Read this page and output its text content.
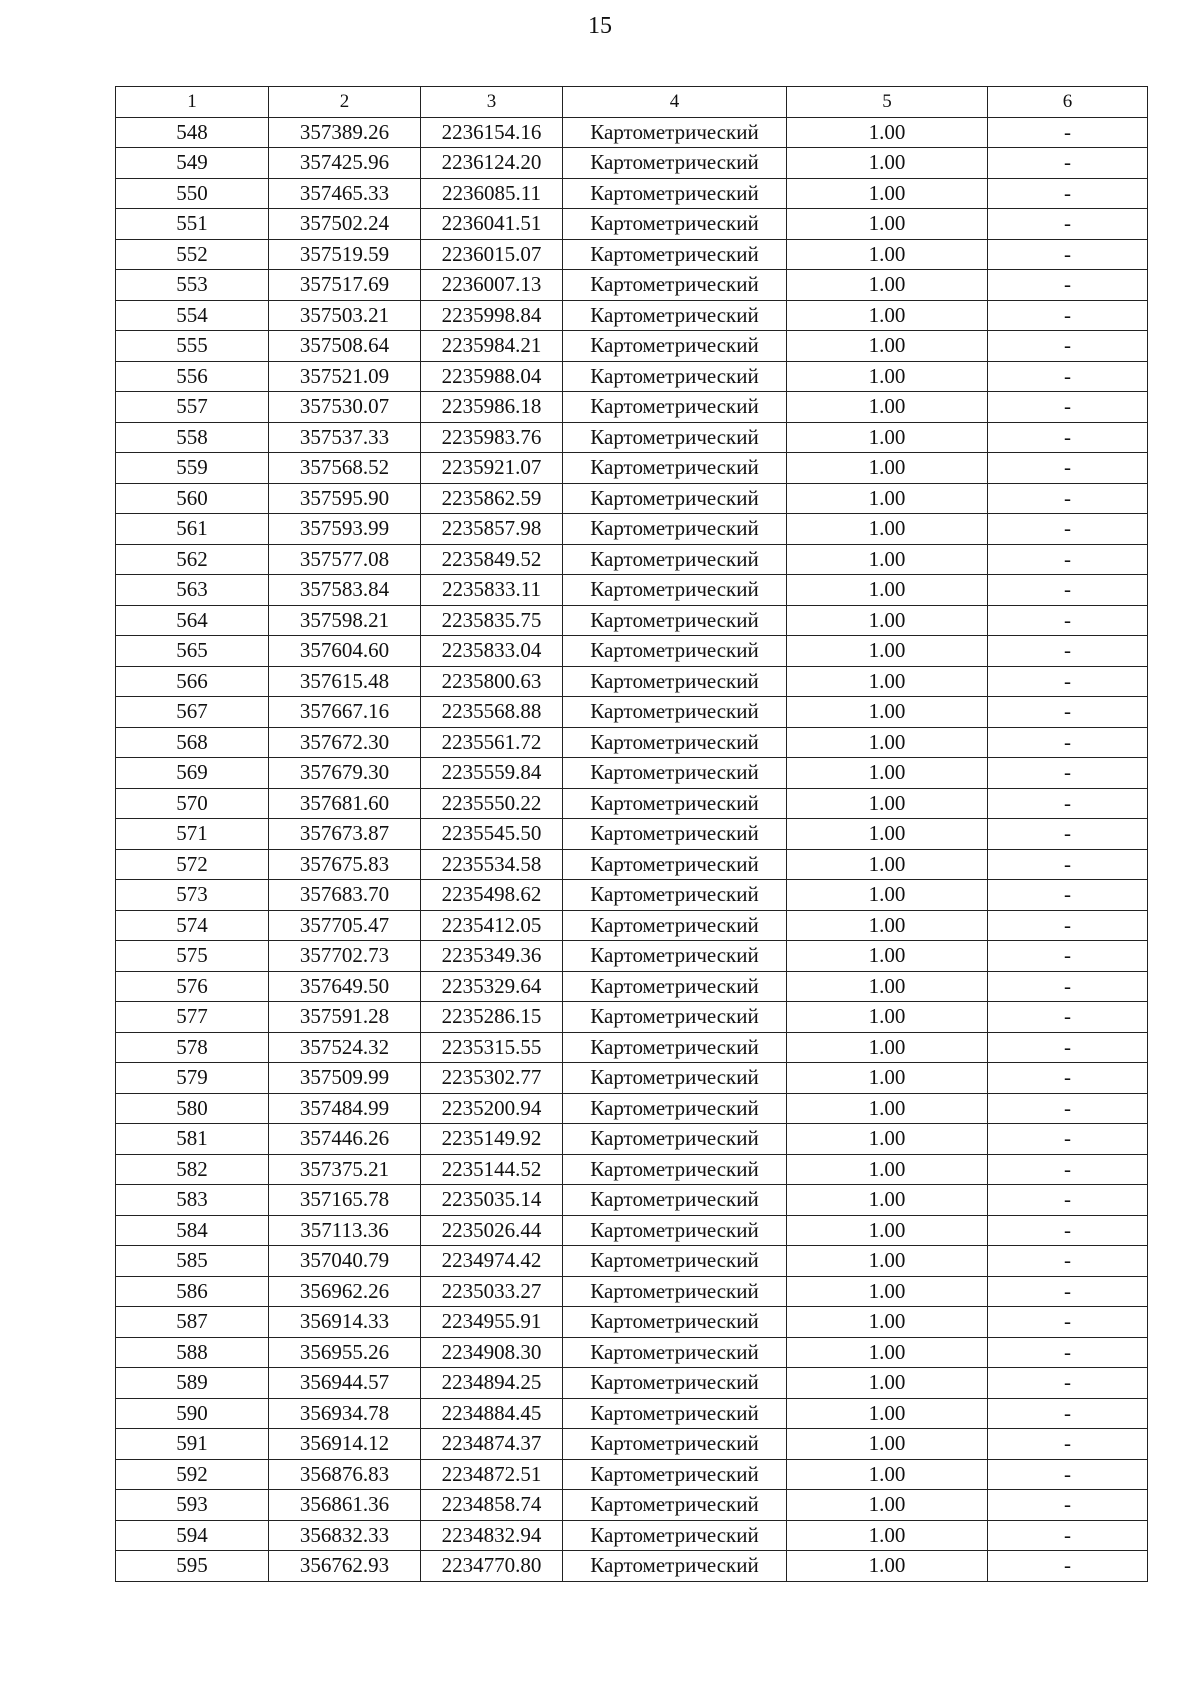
15
1	2	3	4	5	6
548	357389.26	2236154.16	Картометрический	1.00	-
549	357425.96	2236124.20	Картометрический	1.00	-
550	357465.33	2236085.11	Картометрический	1.00	-
551	357502.24	2236041.51	Картометрический	1.00	-
552	357519.59	2236015.07	Картометрический	1.00	-
553	357517.69	2236007.13	Картометрический	1.00	-
554	357503.21	2235998.84	Картометрический	1.00	-
555	357508.64	2235984.21	Картометрический	1.00	-
556	357521.09	2235988.04	Картометрический	1.00	-
557	357530.07	2235986.18	Картометрический	1.00	-
558	357537.33	2235983.76	Картометрический	1.00	-
559	357568.52	2235921.07	Картометрический	1.00	-
560	357595.90	2235862.59	Картометрический	1.00	-
561	357593.99	2235857.98	Картометрический	1.00	-
562	357577.08	2235849.52	Картометрический	1.00	-
563	357583.84	2235833.11	Картометрический	1.00	-
564	357598.21	2235835.75	Картометрический	1.00	-
565	357604.60	2235833.04	Картометрический	1.00	-
566	357615.48	2235800.63	Картометрический	1.00	-
567	357667.16	2235568.88	Картометрический	1.00	-
568	357672.30	2235561.72	Картометрический	1.00	-
569	357679.30	2235559.84	Картометрический	1.00	-
570	357681.60	2235550.22	Картометрический	1.00	-
571	357673.87	2235545.50	Картометрический	1.00	-
572	357675.83	2235534.58	Картометрический	1.00	-
573	357683.70	2235498.62	Картометрический	1.00	-
574	357705.47	2235412.05	Картометрический	1.00	-
575	357702.73	2235349.36	Картометрический	1.00	-
576	357649.50	2235329.64	Картометрический	1.00	-
577	357591.28	2235286.15	Картометрический	1.00	-
578	357524.32	2235315.55	Картометрический	1.00	-
579	357509.99	2235302.77	Картометрический	1.00	-
580	357484.99	2235200.94	Картометрический	1.00	-
581	357446.26	2235149.92	Картометрический	1.00	-
582	357375.21	2235144.52	Картометрический	1.00	-
583	357165.78	2235035.14	Картометрический	1.00	-
584	357113.36	2235026.44	Картометрический	1.00	-
585	357040.79	2234974.42	Картометрический	1.00	-
586	356962.26	2235033.27	Картометрический	1.00	-
587	356914.33	2234955.91	Картометрический	1.00	-
588	356955.26	2234908.30	Картометрический	1.00	-
589	356944.57	2234894.25	Картометрический	1.00	-
590	356934.78	2234884.45	Картометрический	1.00	-
591	356914.12	2234874.37	Картометрический	1.00	-
592	356876.83	2234872.51	Картометрический	1.00	-
593	356861.36	2234858.74	Картометрический	1.00	-
594	356832.33	2234832.94	Картометрический	1.00	-
595	356762.93	2234770.80	Картометрический	1.00	-
